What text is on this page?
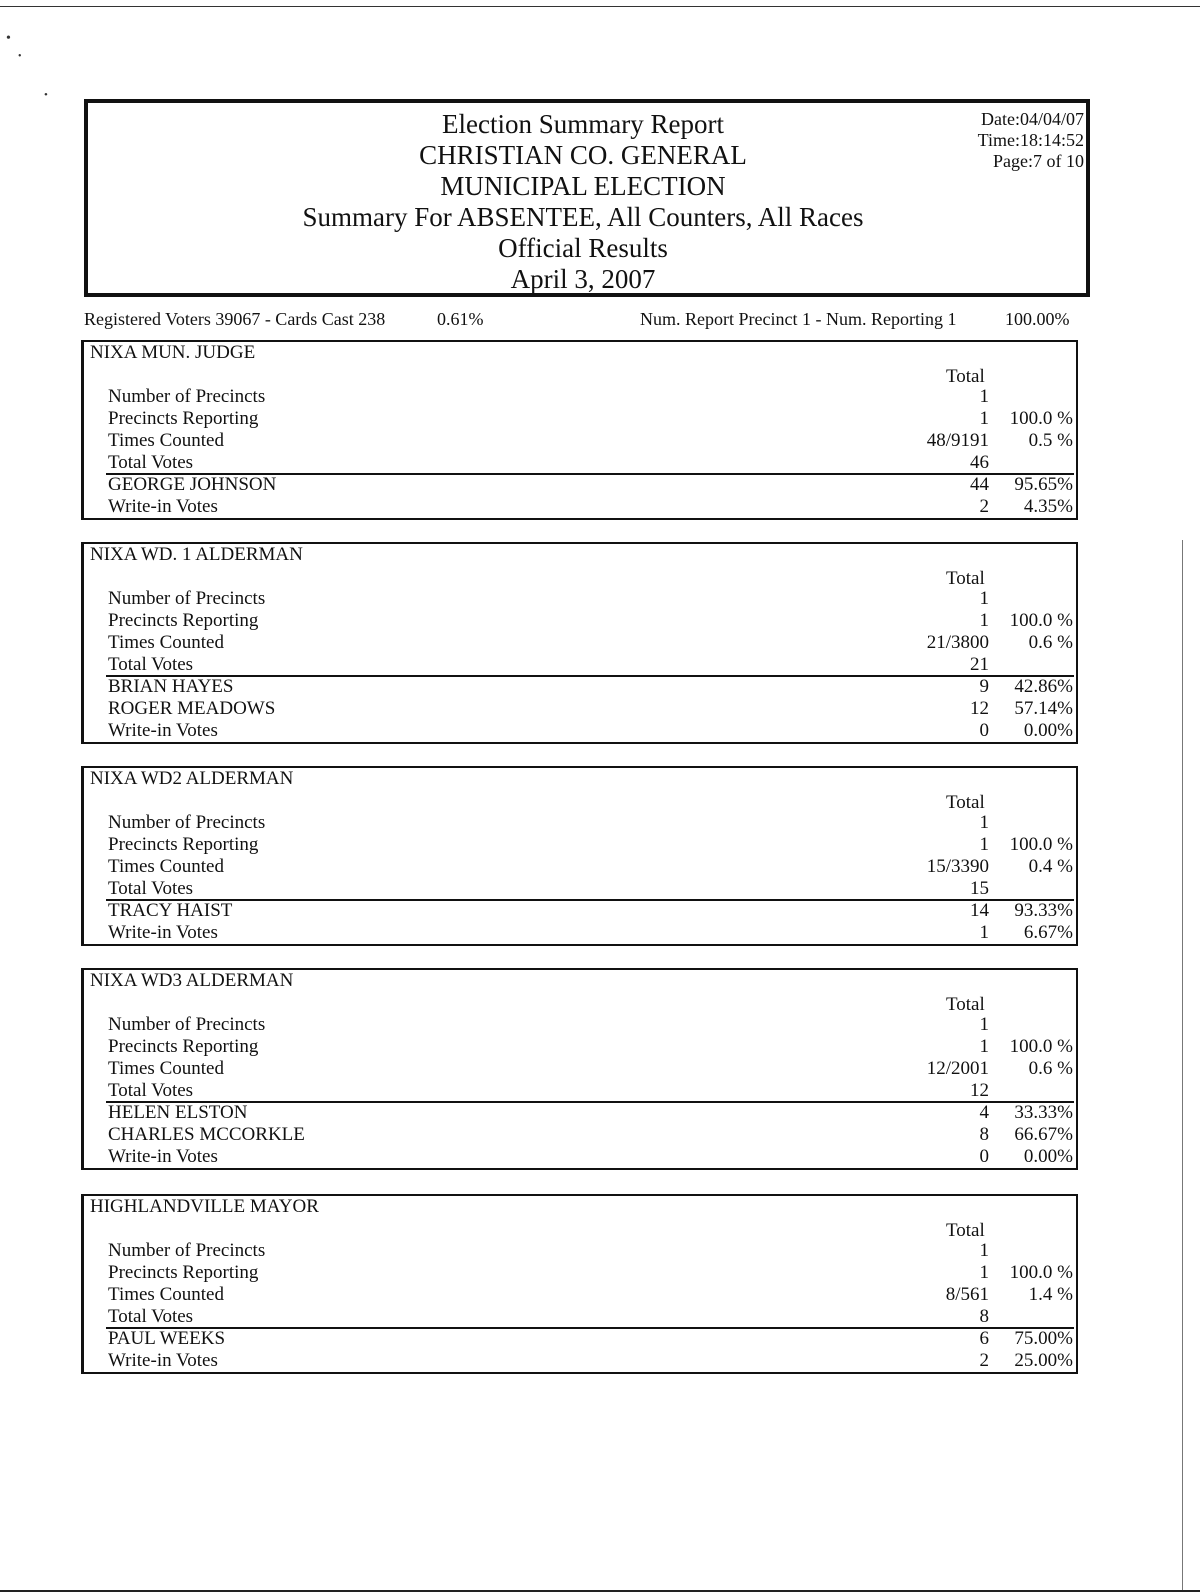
•
•
•
Election Summary Report
CHRISTIAN CO. GENERAL
MUNICIPAL ELECTION
Summary For ABSENTEE, All Counters, All Races
Official Results
April 3, 2007
Date:04/04/07
Time:18:14:52
Page:7 of 10
Registered Voters 39067 - Cards Cast 238	0.61%	Num. Report Precinct 1 - Num. Reporting 1	100.00%
NIXA MUN. JUDGE
Total
Number of Precincts	1
Precincts Reporting	1 100.0 %
Times Counted	48/9191 0.5 %
Total Votes	46
GEORGE JOHNSON	44 95.65%
Write-in Votes	2 4.35%
NIXA WD. 1 ALDERMAN
Total
Number of Precincts	1
Precincts Reporting	1 100.0 %
Times Counted	21/3800 0.6 %
Total Votes	21
BRIAN HAYES	9 42.86%
ROGER MEADOWS	12 57.14%
Write-in Votes	0 0.00%
NIXA WD2 ALDERMAN
Total
Number of Precincts	1
Precincts Reporting	1 100.0 %
Times Counted	15/3390 0.4 %
Total Votes	15
TRACY HAIST	14 93.33%
Write-in Votes	1 6.67%
NIXA WD3 ALDERMAN
Total
Number of Precincts	1
Precincts Reporting	1 100.0 %
Times Counted	12/2001 0.6 %
Total Votes	12
HELEN ELSTON	4 33.33%
CHARLES MCCORKLE	8 66.67%
Write-in Votes	0 0.00%
HIGHLANDVILLE MAYOR
Total
Number of Precincts	1
Precincts Reporting	1 100.0 %
Times Counted	8/561 1.4 %
Total Votes	8
PAUL WEEKS	6 75.00%
Write-in Votes	2 25.00%
